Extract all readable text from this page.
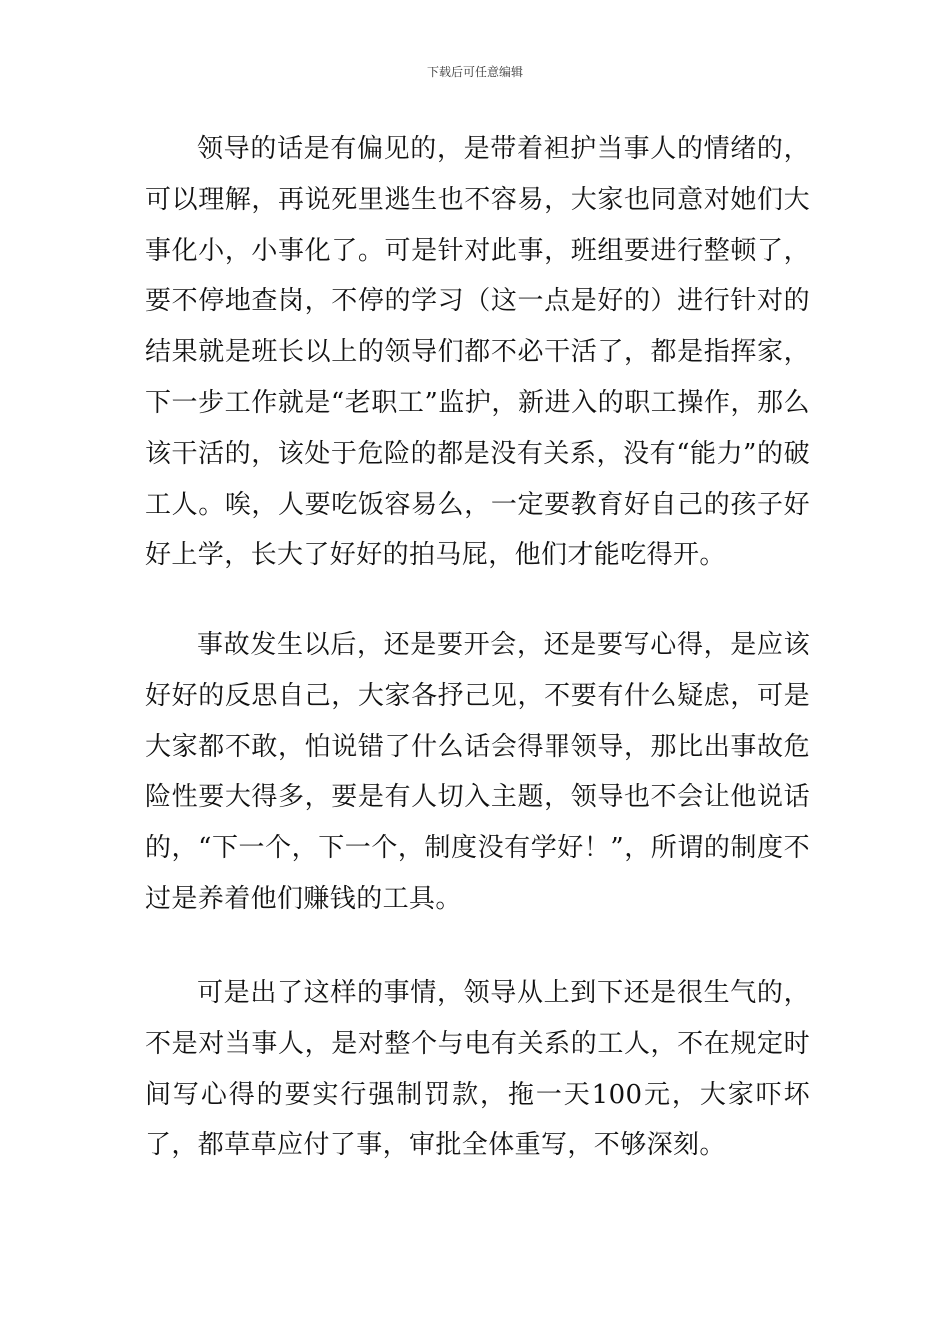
下载后可任意编辑

领导的话是有偏见的，是带着袒护当事人的情绪的，可以理解，再说死里逃生也不容易，大家也同意对她们大事化小，小事化了。可是针对此事，班组要进行整顿了，要不停地查岗，不停的学习（这一点是好的）进行针对的结果就是班长以上的领导们都不必干活了，都是指挥家，下一步工作就是“老职工”监护，新进入的职工操作，那么该干活的，该处于危险的都是没有关系，没有“能力”的破工人。唉，人要吃饭容易么，一定要教育好自己的孩子好好上学，长大了好好的拍马屁，他们才能吃得开。

事故发生以后，还是要开会，还是要写心得，是应该好好的反思自己，大家各抒己见，不要有什么疑虑，可是大家都不敢，怕说错了什么话会得罪领导，那比出事故危险性要大得多，要是有人切入主题，领导也不会让他说话的，“下一个，下一个，制度没有学好！”，所谓的制度不过是养着他们赚钱的工具。

可是出了这样的事情，领导从上到下还是很生气的，不是对当事人，是对整个与电有关系的工人，不在规定时间写心得的要实行强制罚款，拖一天100元，大家吓坏了，都草草应付了事，审批全体重写，不够深刻。
